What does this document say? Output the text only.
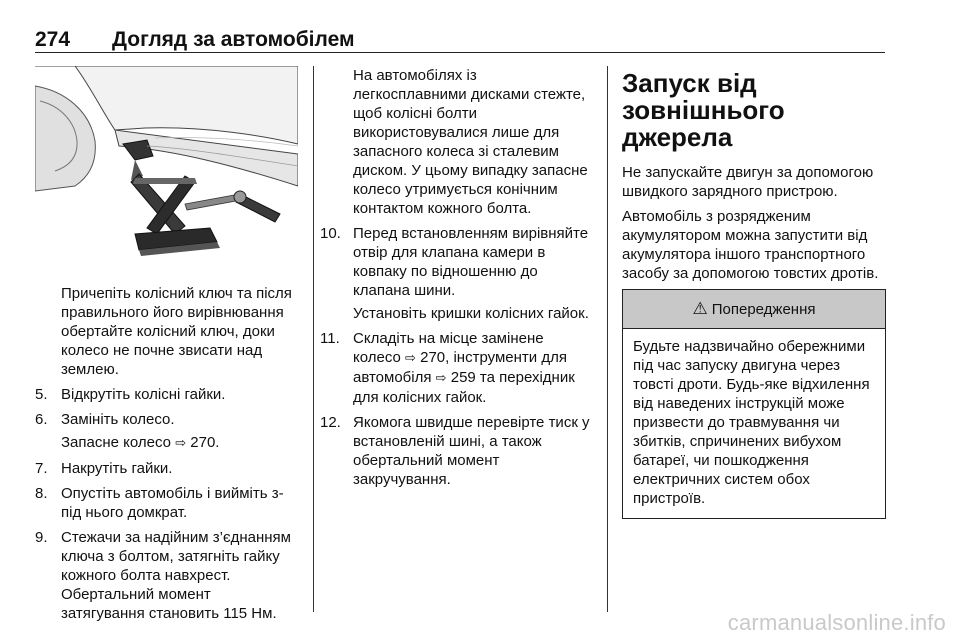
274 Догляд за автомобілем

Причепіть колісний ключ та після правильного його вирівнювання обертайте колісний ключ, доки колесо не почне звисати над землею.

5. Відкрутіть колісні гайки.
6. Замініть колесо.

Запасне колесо ⇨ 270.

7. Накрутіть гайки.
8. Опустіть автомобіль і вийміть з-під нього домкрат.
9. Стежачи за надійним з’єднанням ключа з болтом, затягніть гайку кожного болта навхрест. Обертальний момент затягування становить 115 Нм.

На автомобілях із легкосплавними дисками стежте, щоб колісні болти використовувалися лише для запасного колеса зі сталевим диском. У цьому випадку запасне колесо утримується конічним контактом кожного болта.

10. Перед встановленням вирівняйте отвір для клапана камери в ковпаку по відношенню до клапана шини.

Установіть кришки колісних гайок.

11. Складіть на місце замінене колесо ⇨ 270, інструменти для автомобіля ⇨ 259 та перехідник для колісних гайок.
12. Якомога швидше перевірте тиск у встановленій шині, а також обертальний момент закручування.
Запуск від зовнішнього джерела

Не запускайте двигун за допомогою швидкого зарядного пристрою.

Автомобіль з розрядженим акумулятором можна запустити від акумулятора іншого транспортного засобу за допомогою товстих дротів.

⚠ Попередження
Будьте надзвичайно обережними під час запуску двигуна через товсті дроти. Будь-яке відхилення від наведених інструкцій може призвести до травмування чи збитків, спричинених вибухом батареї, чи пошкодження електричних систем обох пристроїв.
carmanualsonline.info
